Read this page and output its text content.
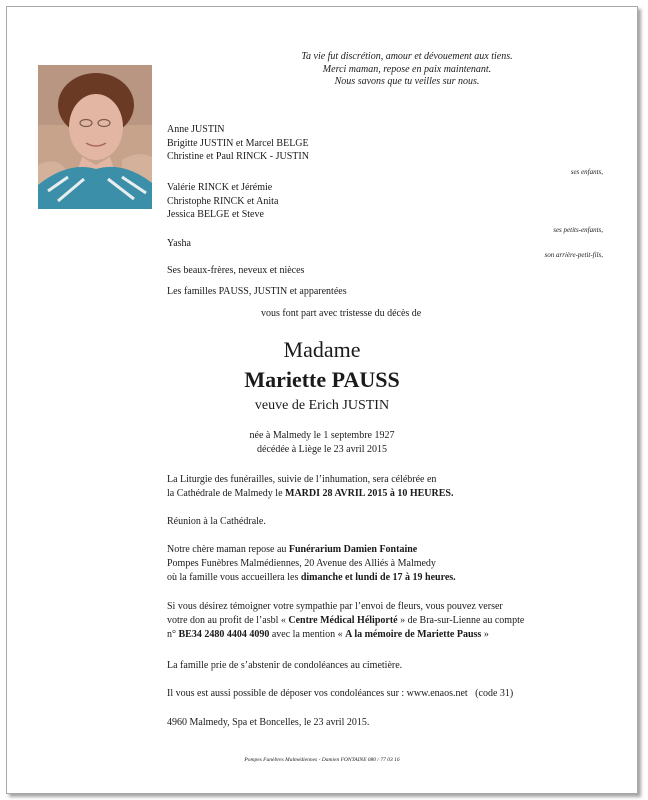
Ta vie fut discrétion, amour et dévouement aux tiens.
Merci maman, repose en paix maintenant.
Nous savons que tu veilles sur nous.
Anne JUSTIN
Brigitte JUSTIN et Marcel BELGE
Christine et Paul RINCK - JUSTIN
ses enfants,
Valérie RINCK et Jérémie
Christophe RINCK et Anita
Jessica BELGE et Steve
ses petits-enfants,
Yasha
son arrière-petit-fils,
Ses beaux-frères, neveux et nièces
Les familles PAUSS, JUSTIN et apparentées
vous font part avec tristesse du décès de
Madame
Mariette PAUSS
veuve de Erich JUSTIN
née à Malmedy le 1 septembre 1927
décédée à Liège le 23 avril 2015
La Liturgie des funérailles, suivie de l’inhumation, sera célébrée en
la Cathédrale de Malmedy le MARDI 28 AVRIL 2015 à 10 HEURES.
Réunion à la Cathédrale.
Notre chère maman repose au Funérarium Damien Fontaine
Pompes Funèbres Malmédiennes, 20 Avenue des Alliés à Malmedy
où la famille vous accueillera les dimanche et lundi de 17 à 19 heures.
Si vous désirez témoigner votre sympathie par l’envoi de fleurs, vous pouvez verser
votre don au profit de l’asbl « Centre Médical Héliporté » de Bra-sur-Lienne au compte
n° BE34 2480 4404 4090 avec la mention « A la mémoire de Mariette Pauss »
La famille prie de s’abstenir de condoléances au cimetière.
Il vous est aussi possible de déposer vos condoléances sur : www.enaos.net   (code 31)
4960 Malmedy, Spa et Boncelles, le 23 avril 2015.
Pompes Funèbres Malmédiennes - Damien FONTAINE 080 / 77 03 16
